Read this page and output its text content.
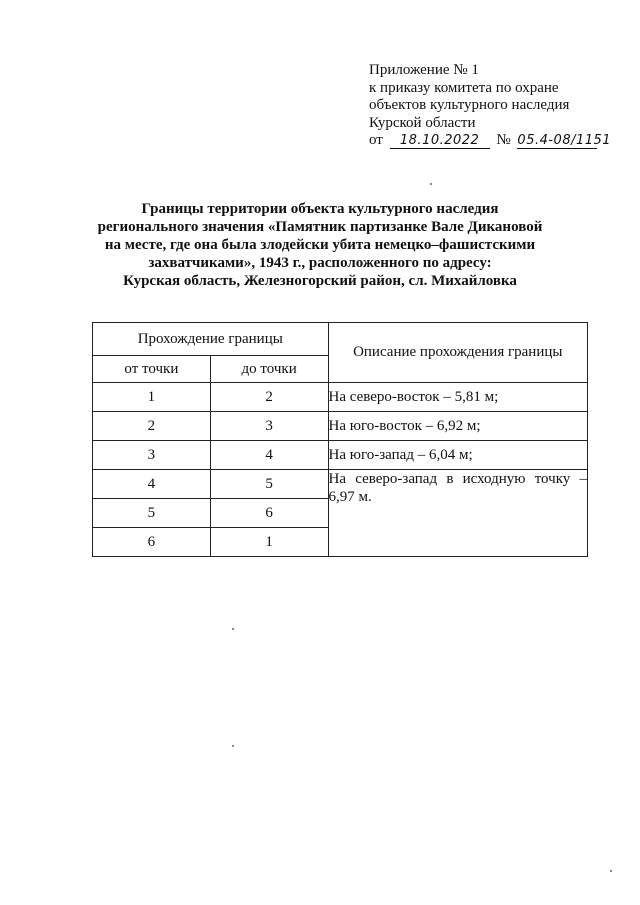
Приложение № 1
к приказу комитета по охране
объектов культурного наследия
Курской области
от 18.10.2022 № 05.4-08/1151
Границы территории объекта культурного наследия
регионального значения «Памятник партизанке Вале Дикановой
на месте, где она была злодейски убита немецко–фашистскими
захватчиками», 1943 г., расположенного по адресу:
Курская область, Железногорский район, сл. Михайловка
Прохождение границы		Описание прохождения границы
от точки	до точки	
1	2	На северо-восток – 5,81 м;
2	3	На юго-восток – 6,92 м;
3	4	На юго-запад – 6,04 м;
4	5	На северо-запад в исходную точку – 6,97 м.
5	6	
6	1	
